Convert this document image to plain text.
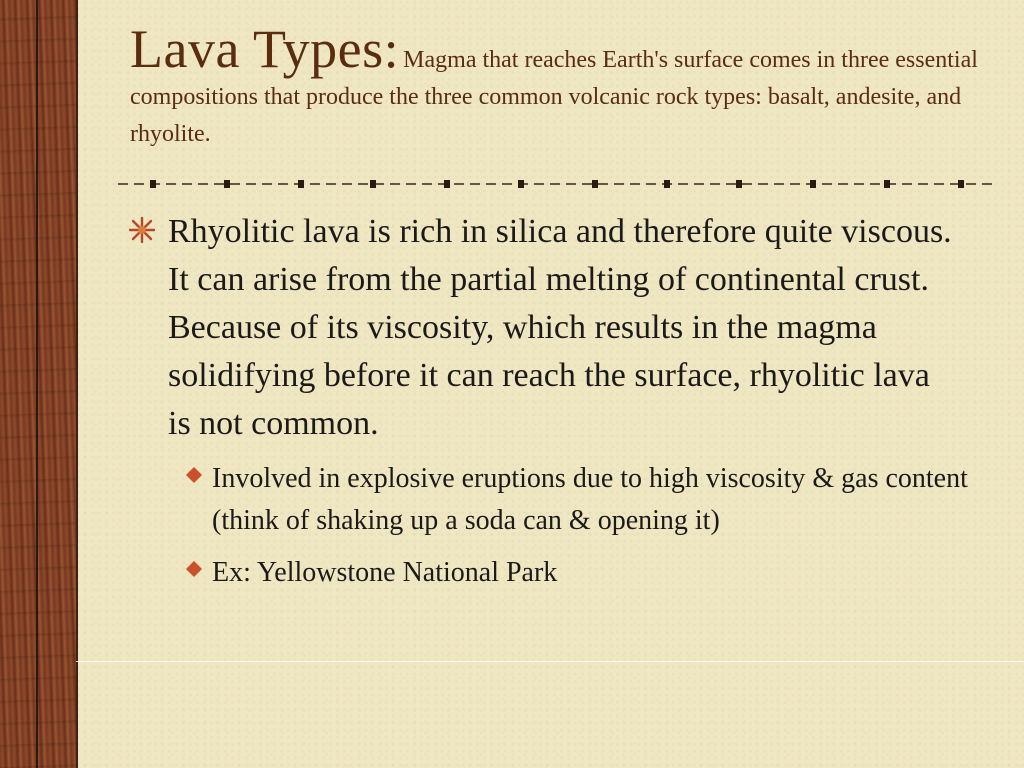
Lava Types: Magma that reaches Earth's surface comes in three essential compositions that produce the three common volcanic rock types: basalt, andesite, and rhyolite.
Rhyolitic lava is rich in silica and therefore quite viscous. It can arise from the partial melting of continental crust. Because of its viscosity, which results in the magma solidifying before it can reach the surface, rhyolitic lava is not common.
Involved in explosive eruptions due to high viscosity & gas content (think of shaking up a soda can & opening it)
Ex: Yellowstone National Park
